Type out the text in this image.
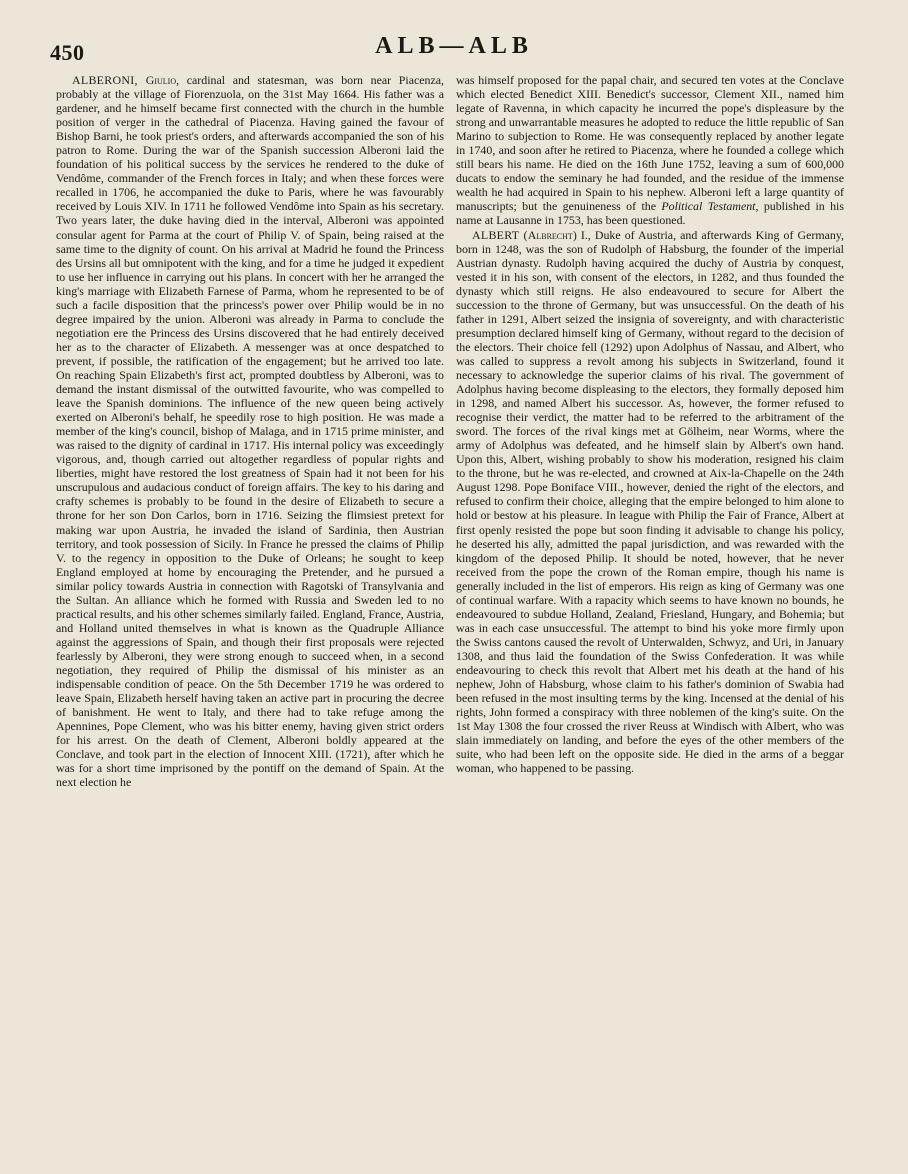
450	ALB—ALB

ALBERONI, Giulio, cardinal and statesman, was born near Piacenza, probably at the village of Fiorenzuola, on the 31st May 1664. His father was a gardener, and he himself became first connected with the church in the humble position of verger in the cathedral of Piacenza. Having gained the favour of Bishop Barni, he took priest's orders, and afterwards accompanied the son of his patron to Rome. During the war of the Spanish succession Alberoni laid the foundation of his political success by the services he rendered to the duke of Vendôme, commander of the French forces in Italy; and when these forces were recalled in 1706, he accompanied the duke to Paris, where he was favourably received by Louis XIV. In 1711 he followed Vendôme into Spain as his secretary. Two years later, the duke having died in the interval, Alberoni was appointed consular agent for Parma at the court of Philip V. of Spain, being raised at the same time to the dignity of count. On his arrival at Madrid he found the Princess des Ursins all but omnipotent with the king, and for a time he judged it expedient to use her influence in carrying out his plans. In concert with her he arranged the king's marriage with Elizabeth Farnese of Parma, whom he represented to be of such a facile disposition that the princess's power over Philip would be in no degree impaired by the union. Alberoni was already in Parma to conclude the negotiation ere the Princess des Ursins discovered that he had entirely deceived her as to the character of Elizabeth. A messenger was at once despatched to prevent, if possible, the ratification of the engagement; but he arrived too late. On reaching Spain Elizabeth's first act, prompted doubtless by Alberoni, was to demand the instant dismissal of the outwitted favourite, who was compelled to leave the Spanish dominions. The influence of the new queen being actively exerted on Alberoni's behalf, he speedily rose to high position. He was made a member of the king's council, bishop of Malaga, and in 1715 prime minister, and was raised to the dignity of cardinal in 1717. His internal policy was exceedingly vigorous, and, though carried out altogether regardless of popular rights and liberties, might have restored the lost greatness of Spain had it not been for his unscrupulous and audacious conduct of foreign affairs. The key to his daring and crafty schemes is probably to be found in the desire of Elizabeth to secure a throne for her son Don Carlos, born in 1716. Seizing the flimsiest pretext for making war upon Austria, he invaded the island of Sardinia, then Austrian territory, and took possession of Sicily. In France he pressed the claims of Philip V. to the regency in opposition to the Duke of Orleans; he sought to keep England employed at home by encouraging the Pretender, and he pursued a similar policy towards Austria in connection with Ragotski of Transylvania and the Sultan. An alliance which he formed with Russia and Sweden led to no practical results, and his other schemes similarly failed. England, France, Austria, and Holland united themselves in what is known as the Quadruple Alliance against the aggressions of Spain, and though their first proposals were rejected fearlessly by Alberoni, they were strong enough to succeed when, in a second negotiation, they required of Philip the dismissal of his minister as an indispensable condition of peace. On the 5th December 1719 he was ordered to leave Spain, Elizabeth herself having taken an active part in procuring the decree of banishment. He went to Italy, and there had to take refuge among the Apennines, Pope Clement, who was his bitter enemy, having given strict orders for his arrest. On the death of Clement, Alberoni boldly appeared at the Conclave, and took part in the election of Innocent XIII. (1721), after which he was for a short time imprisoned by the pontiff on the demand of Spain. At the next election he

was himself proposed for the papal chair, and secured ten votes at the Conclave which elected Benedict XIII. Benedict's successor, Clement XII., named him legate of Ravenna, in which capacity he incurred the pope's displeasure by the strong and unwarrantable measures he adopted to reduce the little republic of San Marino to subjection to Rome. He was consequently replaced by another legate in 1740, and soon after he retired to Piacenza, where he founded a college which still bears his name. He died on the 16th June 1752, leaving a sum of 600,000 ducats to endow the seminary he had founded, and the residue of the immense wealth he had acquired in Spain to his nephew. Alberoni left a large quantity of manuscripts; but the genuineness of the Political Testament, published in his name at Lausanne in 1753, has been questioned.

ALBERT (Albrecht) I., Duke of Austria, and afterwards King of Germany, born in 1248, was the son of Rudolph of Habsburg, the founder of the imperial Austrian dynasty. Rudolph having acquired the duchy of Austria by conquest, vested it in his son, with consent of the electors, in 1282, and thus founded the dynasty which still reigns. He also endeavoured to secure for Albert the succession to the throne of Germany, but was unsuccessful. On the death of his father in 1291, Albert seized the insignia of sovereignty, and with characteristic presumption declared himself king of Germany, without regard to the decision of the electors. Their choice fell (1292) upon Adolphus of Nassau, and Albert, who was called to suppress a revolt among his subjects in Switzerland, found it necessary to acknowledge the superior claims of his rival. The government of Adolphus having become displeasing to the electors, they formally deposed him in 1298, and named Albert his successor. As, however, the former refused to recognise their verdict, the matter had to be referred to the arbitrament of the sword. The forces of the rival kings met at Gölheim, near Worms, where the army of Adolphus was defeated, and he himself slain by Albert's own hand. Upon this, Albert, wishing probably to show his moderation, resigned his claim to the throne, but he was re-elected, and crowned at Aix-la-Chapelle on the 24th August 1298. Pope Boniface VIII., however, denied the right of the electors, and refused to confirm their choice, alleging that the empire belonged to him alone to hold or bestow at his pleasure. In league with Philip the Fair of France, Albert at first openly resisted the pope but soon finding it advisable to change his policy, he deserted his ally, admitted the papal jurisdiction, and was rewarded with the kingdom of the deposed Philip. It should be noted, however, that he never received from the pope the crown of the Roman empire, though his name is generally included in the list of emperors. His reign as king of Germany was one of continual warfare. With a rapacity which seems to have known no bounds, he endeavoured to subdue Holland, Zealand, Friesland, Hungary, and Bohemia; but was in each case unsuccessful. The attempt to bind his yoke more firmly upon the Swiss cantons caused the revolt of Unterwalden, Schwyz, and Uri, in January 1308, and thus laid the foundation of the Swiss Confederation. It was while endeavouring to check this revolt that Albert met his death at the hand of his nephew, John of Habsburg, whose claim to his father's dominion of Swabia had been refused in the most insulting terms by the king. Incensed at the denial of his rights, John formed a conspiracy with three noblemen of the king's suite. On the 1st May 1308 the four crossed the river Reuss at Windisch with Albert, who was slain immediately on landing, and before the eyes of the other members of the suite, who had been left on the opposite side. He died in the arms of a beggar woman, who happened to be passing.
